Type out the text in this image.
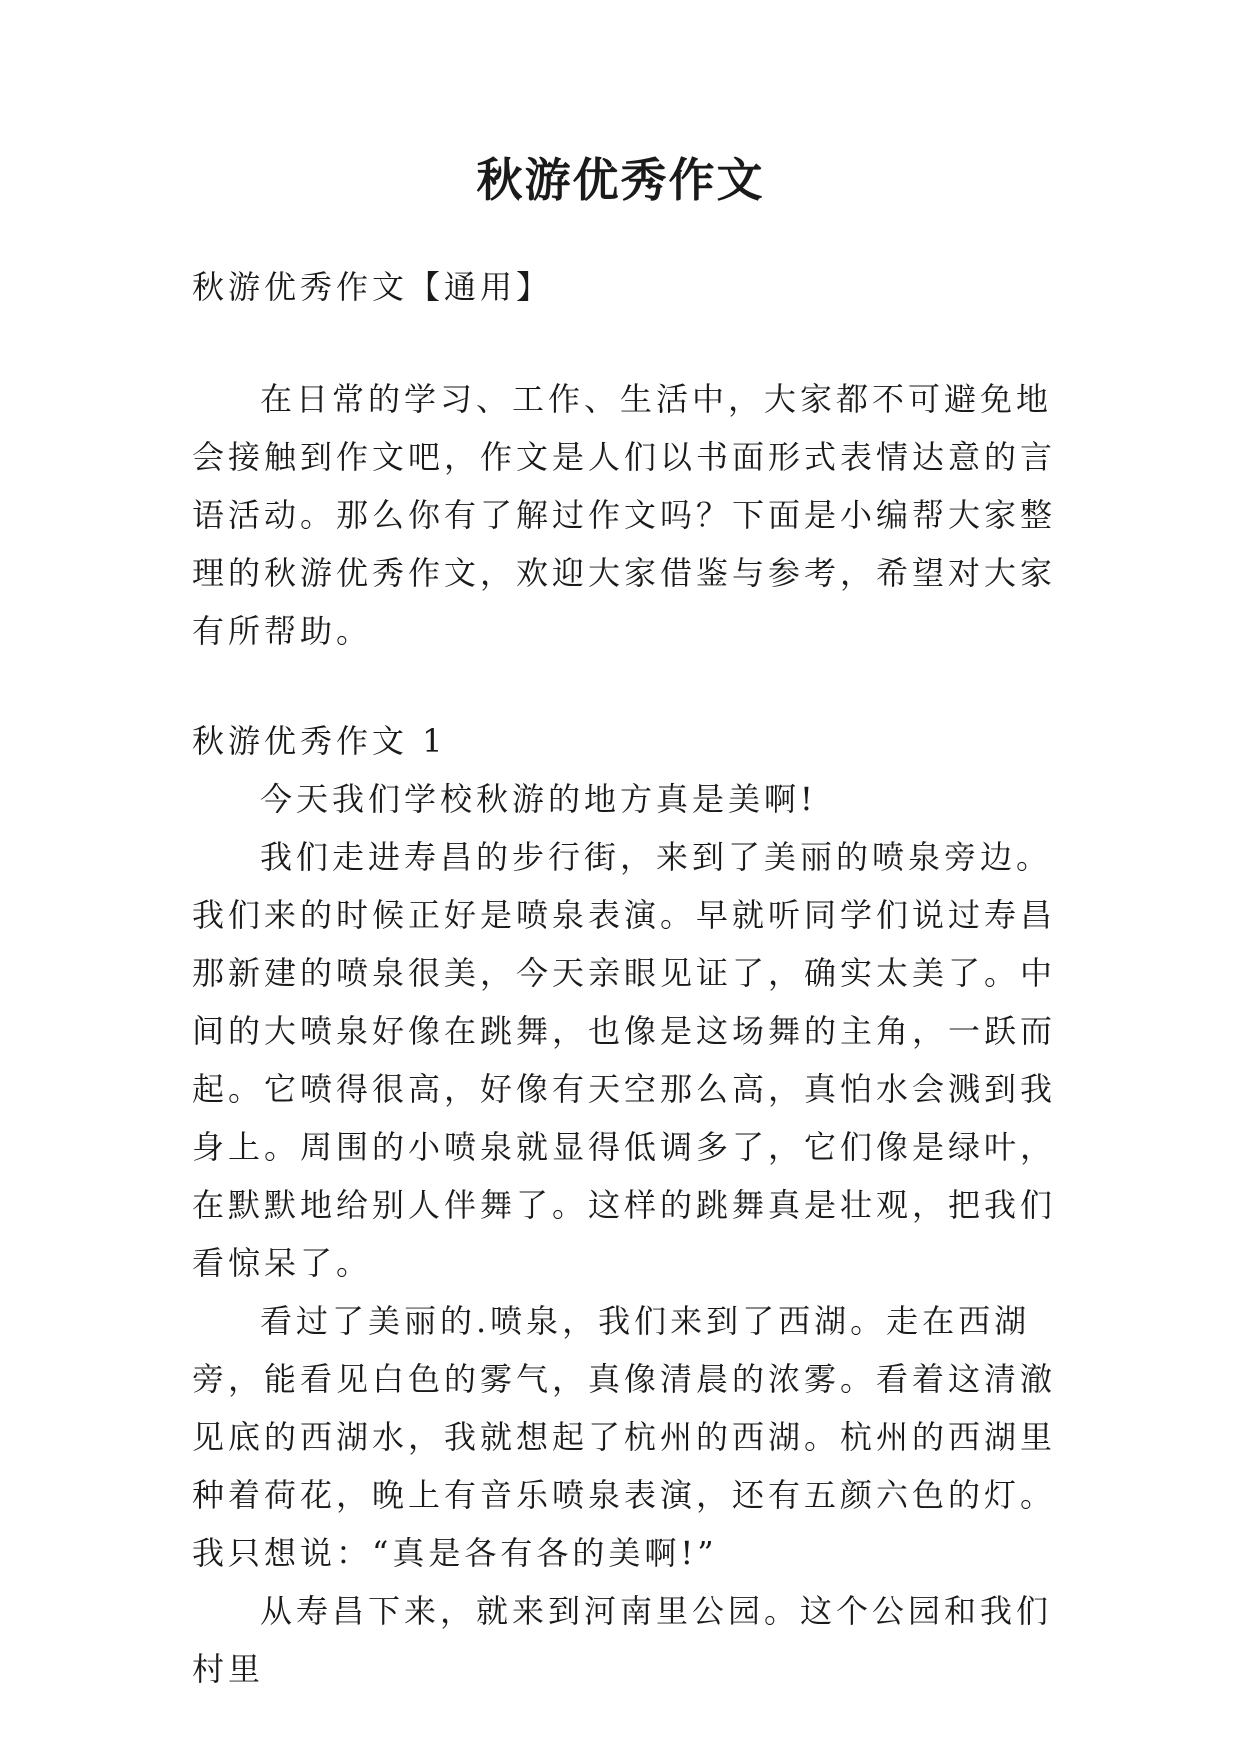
秋游优秀作文

秋游优秀作文【通用】

在日常的学习、工作、生活中，大家都不可避免地会接触到作文吧，作文是人们以书面形式表情达意的言语活动。那么你有了解过作文吗？下面是小编帮大家整理的秋游优秀作文，欢迎大家借鉴与参考，希望对大家有所帮助。

秋游优秀作文 1

今天我们学校秋游的地方真是美啊!

我们走进寿昌的步行街，来到了美丽的喷泉旁边。我们来的时候正好是喷泉表演。早就听同学们说过寿昌那新建的喷泉很美，今天亲眼见证了，确实太美了。中间的大喷泉好像在跳舞，也像是这场舞的主角，一跃而起。它喷得很高，好像有天空那么高，真怕水会溅到我身上。周围的小喷泉就显得低调多了，它们像是绿叶，在默默地给别人伴舞了。这样的跳舞真是壮观，把我们看惊呆了。

看过了美丽的.喷泉，我们来到了西湖。走在西湖旁，能看见白色的雾气，真像清晨的浓雾。看着这清澈见底的西湖水，我就想起了杭州的西湖。杭州的西湖里种着荷花，晚上有音乐喷泉表演，还有五颜六色的灯。我只想说：“真是各有各的美啊!”

从寿昌下来，就来到河南里公园。这个公园和我们村里
